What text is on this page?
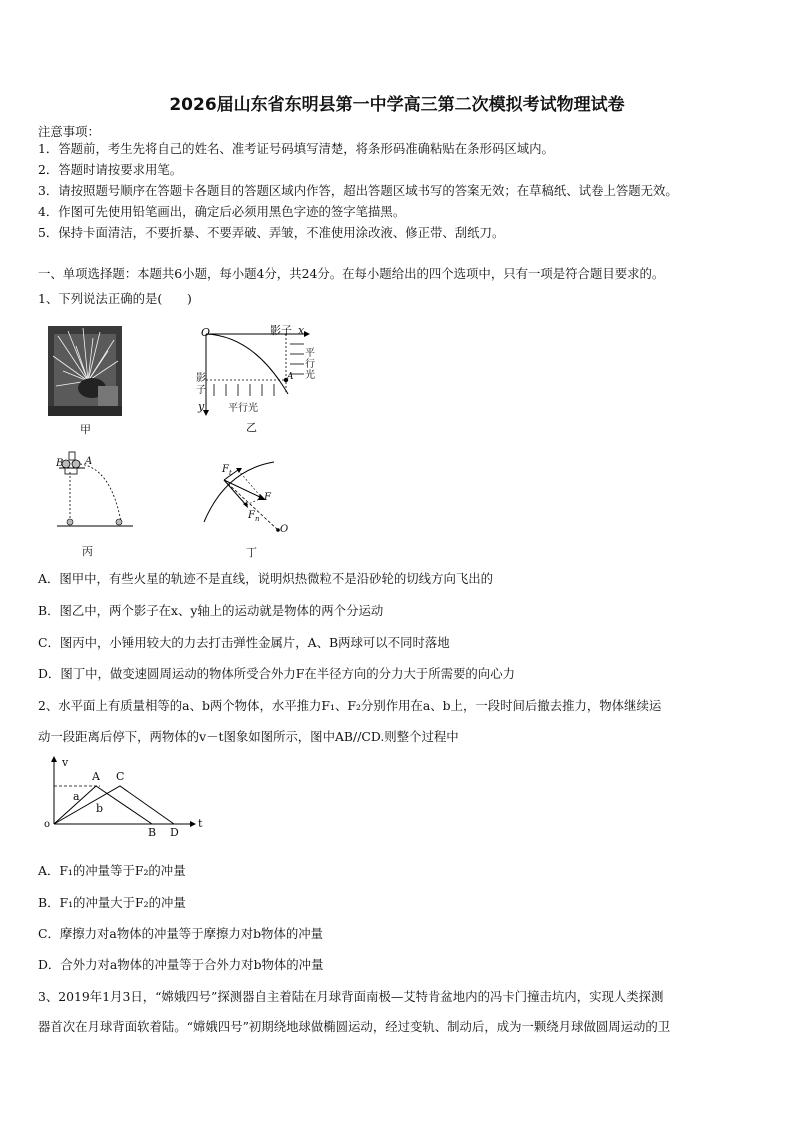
2026届山东省东明县第一中学高三第二次模拟考试物理试卷
注意事项：
1．答题前，考生先将自己的姓名、准考证号码填写清楚，将条形码准确粘贴在条形码区域内。
2．答题时请按要求用笔。
3．请按照题号顺序在答题卡各题目的答题区域内作答，超出答题区域书写的答案无效；在草稿纸、试卷上答题无效。
4．作图可先使用铅笔画出，确定后必须用黑色字迹的签字笔描黑。
5．保持卡面清洁，不要折暴、不要弄破、弄皱，不准使用涂改液、修正带、刮纸刀。
一、单项选择题：本题共6小题，每小题4分，共24分。在每小题给出的四个选项中，只有一项是符合题目要求的。
1、下列说法正确的是(　　)
甲
O	影子 x
平
行
光
影
子
A
y 平行光
乙
B A
丙
$F_t$
F
$F_n$
O
丁
A．图甲中，有些火星的轨迹不是直线，说明炽热微粒不是沿砂轮的切线方向飞出的
B．图乙中，两个影子在x、y轴上的运动就是物体的两个分运动
C．图丙中，小锤用较大的力去打击弹性金属片，A、B两球可以不同时落地
D．图丁中，做变速圆周运动的物体所受合外力F在半径方向的分力大于所需要的向心力
2、水平面上有质量相等的a、b两个物体，水平推力F₁、F₂分别作用在a、b上，一段时间后撤去推力，物体继续运
动一段距离后停下，两物体的v－t图象如图所示，图中AB//CD.则整个过程中
v
t
o
A C
B D
a
b
A．F₁的冲量等于F₂的冲量
B．F₁的冲量大于F₂的冲量
C．摩擦力对a物体的冲量等于摩擦力对b物体的冲量
D．合外力对a物体的冲量等于合外力对b物体的冲量
3、2019年1月3日，“嫦娥四号”探测器自主着陆在月球背面南极—艾特肯盆地内的冯卡门撞击坑内，实现人类探测
器首次在月球背面软着陆。“嫦娥四号”初期绕地球做椭圆运动，经过变轨、制动后，成为一颗绕月球做圆周运动的卫
